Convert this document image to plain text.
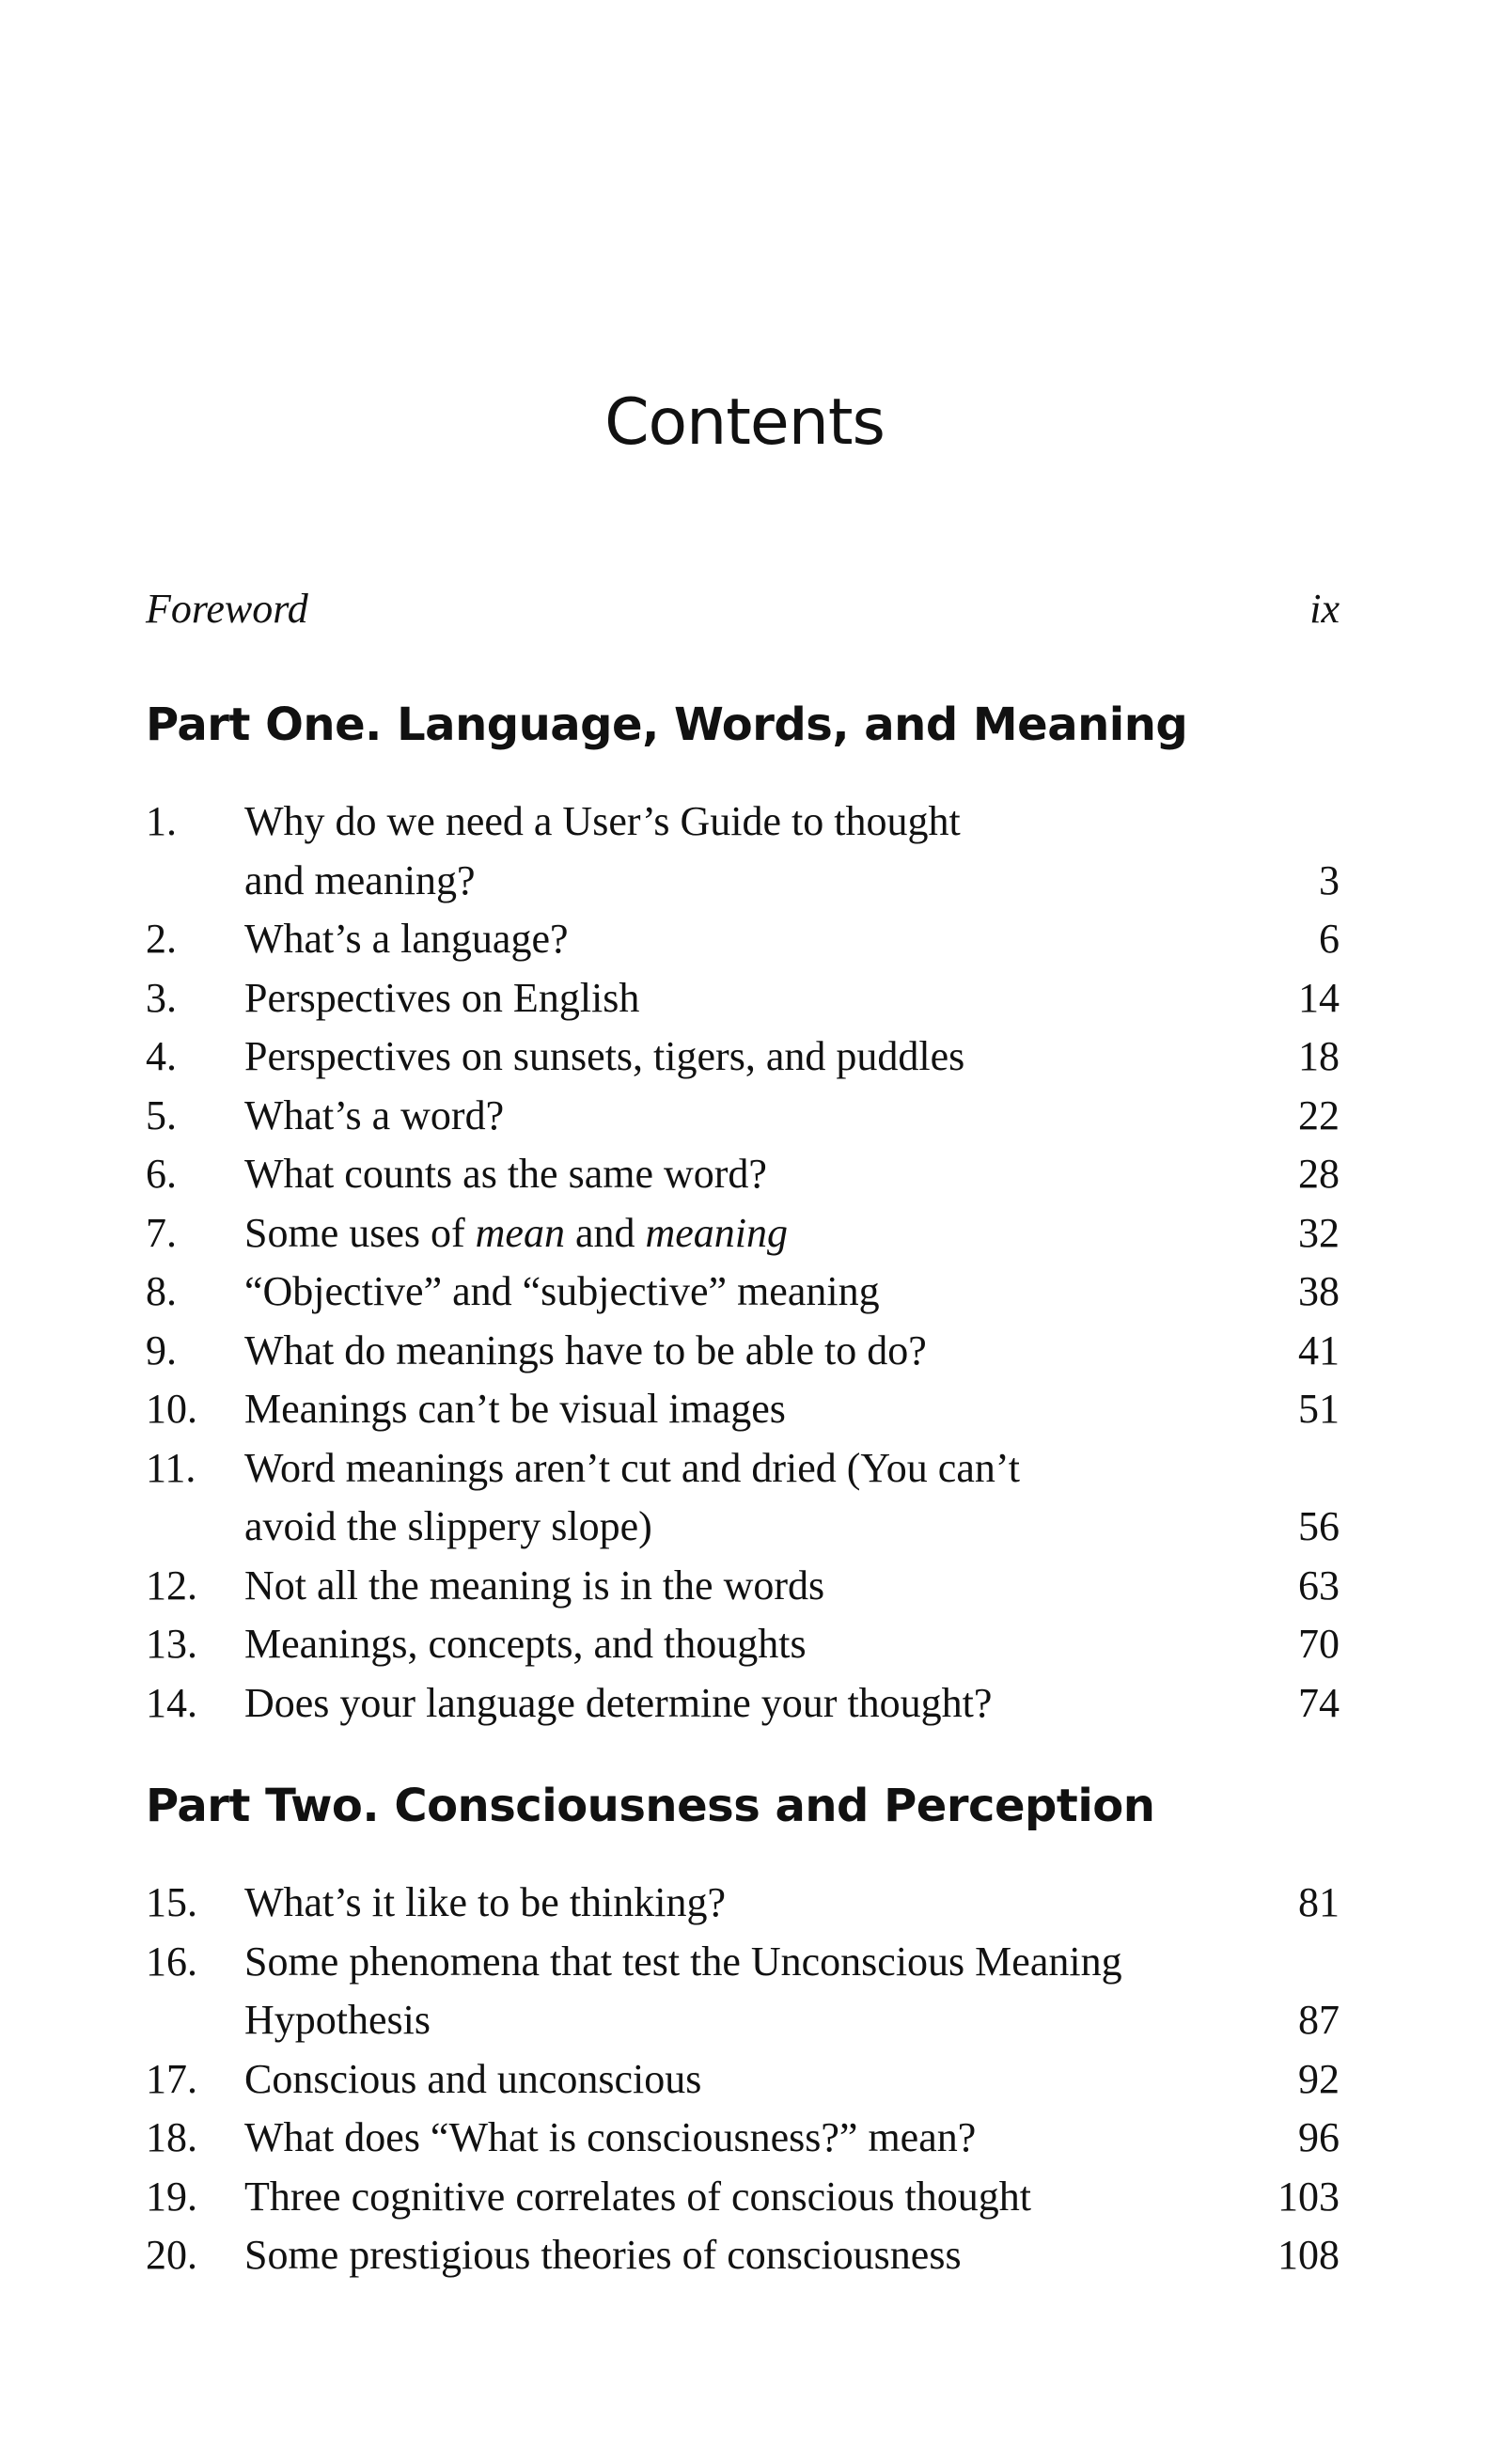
Contents
Foreword	ix
Part One. Language, Words, and Meaning
1.	Why do we need a User’s Guide to thought
and meaning?	3
2.	What’s a language?	6
3.	Perspectives on English	14
4.	Perspectives on sunsets, tigers, and puddles	18
5.	What’s a word?	22
6.	What counts as the same word?	28
7.	Some uses of mean and meaning	32
8.	“Objective” and “subjective” meaning	38
9.	What do meanings have to be able to do?	41
10.	Meanings can’t be visual images	51
11.	Word meanings aren’t cut and dried (You can’t
avoid the slippery slope)	56
12.	Not all the meaning is in the words	63
13.	Meanings, concepts, and thoughts	70
14.	Does your language determine your thought?	74
Part Two. Consciousness and Perception
15.	What’s it like to be thinking?	81
16.	Some phenomena that test the Unconscious Meaning
Hypothesis	87
17.	Conscious and unconscious	92
18.	What does “What is consciousness?” mean?	96
19.	Three cognitive correlates of conscious thought	103
20.	Some prestigious theories of consciousness	108
